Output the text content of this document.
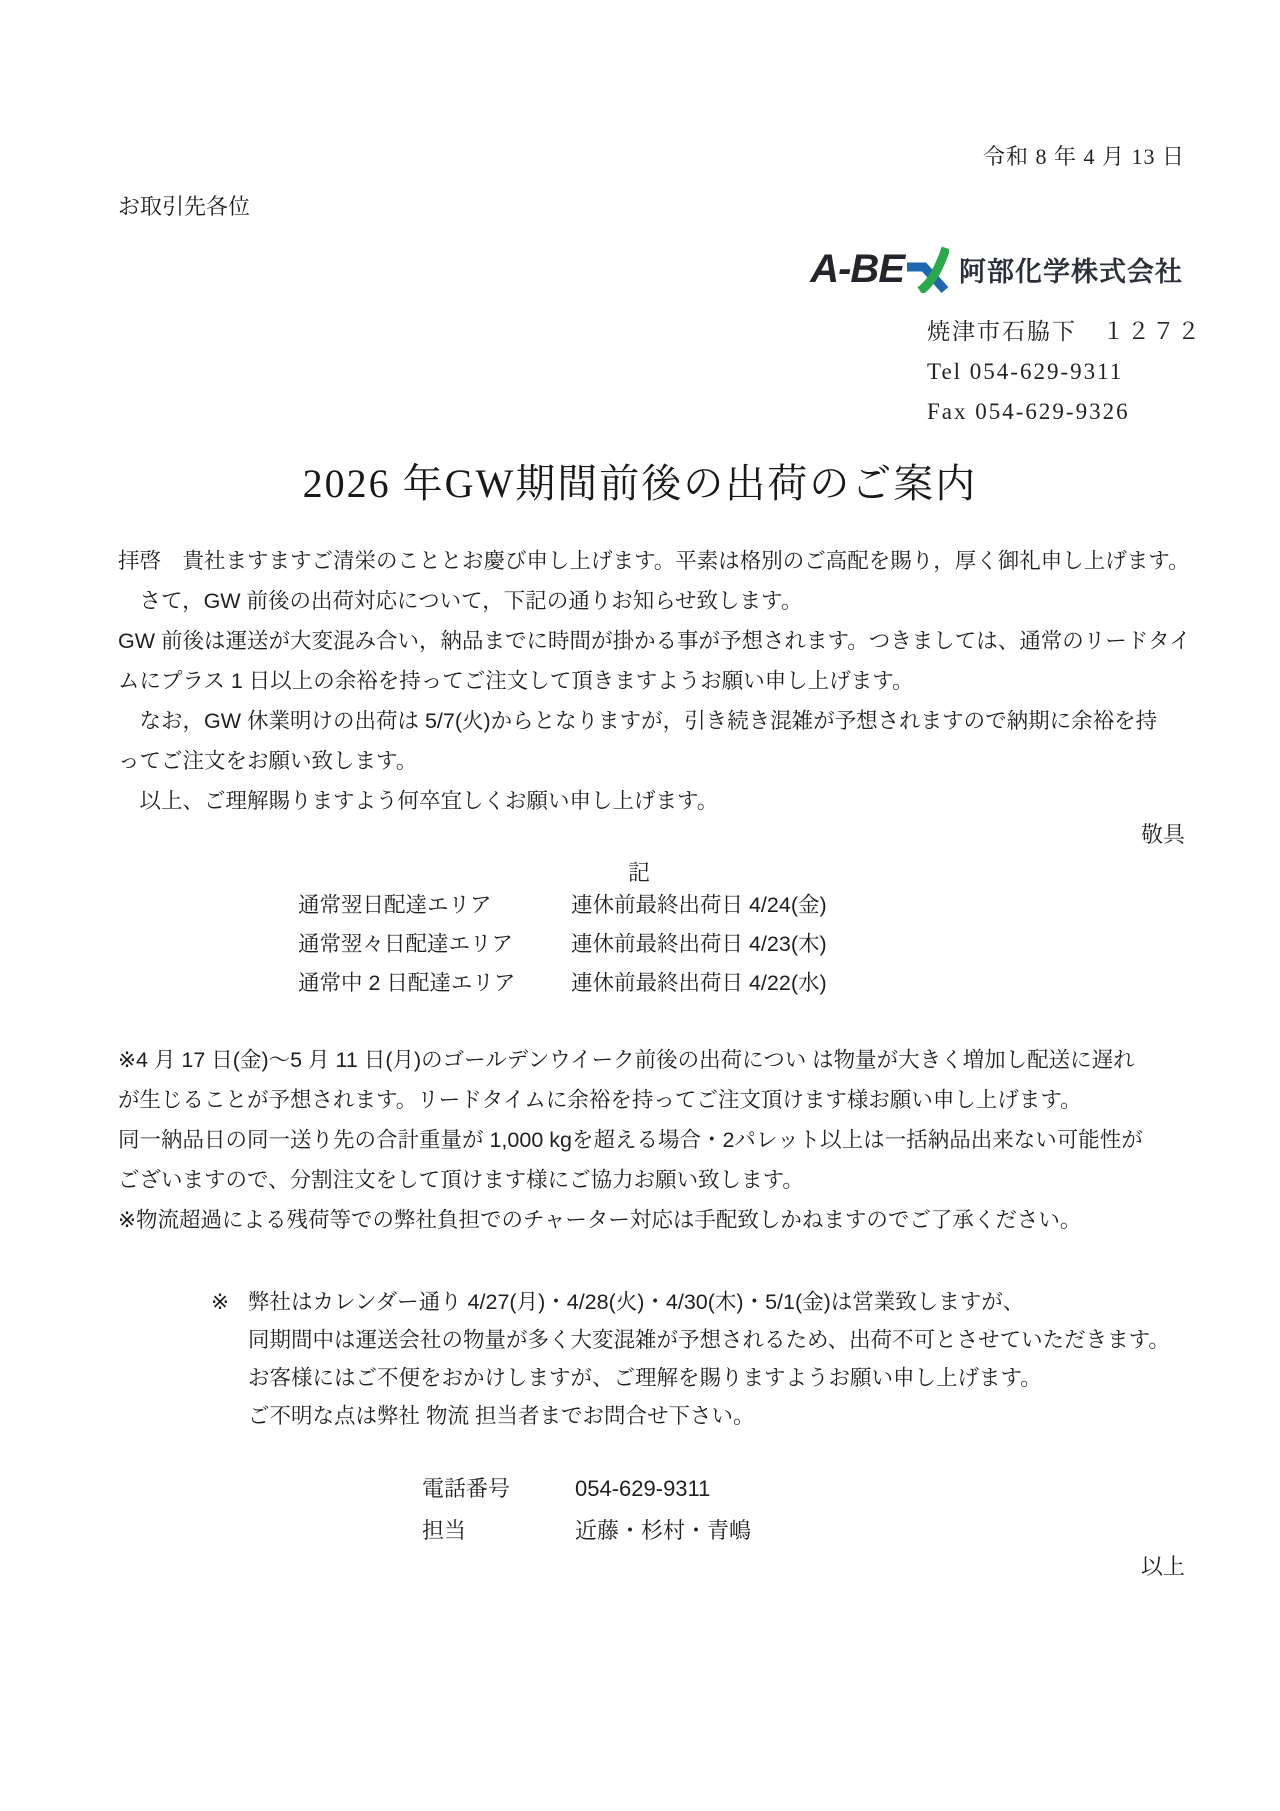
令和 8 年 4 月 13 日
お取引先各位
A-BE 阿部化学株式会社
焼津市石脇下　１２７２
Tel 054-629-9311
Fax 054-629-9326
2026 年GW期間前後の出荷のご案内
拝啓　貴社ますますご清栄のこととお慶び申し上げます。平素は格別のご高配を賜り，厚く御礼申し上げます。
　さて，GW 前後の出荷対応について，下記の通りお知らせ致します。
GW 前後は運送が大変混み合い，納品までに時間が掛かる事が予想されます。つきましては、通常のリードタイ
ムにプラス 1 日以上の余裕を持ってご注文して頂きますようお願い申し上げます。
　なお，GW 休業明けの出荷は 5/7(火)からとなりますが，引き続き混雑が予想されますので納期に余裕を持
ってご注文をお願い致します。
　以上、ご理解賜りますよう何卒宜しくお願い申し上げます。
敬具
記
通常翌日配達エリア	連休前最終出荷日 4/24(金)
通常翌々日配達エリア	連休前最終出荷日 4/23(木)
通常中 2 日配達エリア	連休前最終出荷日 4/22(水)
※4 月 17 日(金)～5 月 11 日(月)のゴールデンウイーク前後の出荷につい は物量が大きく増加し配送に遅れ
が生じることが予想されます。リードタイムに余裕を持ってご注文頂けます様お願い申し上げます。
同一納品日の同一送り先の合計重量が 1,000 kgを超える場合・2パレット以上は一括納品出来ない可能性が
ございますので、分割注文をして頂けます様にご協力お願い致します。
※物流超過による残荷等での弊社負担でのチャーター対応は手配致しかねますのでご了承ください。
※ 弊社はカレンダー通り 4/27(月)・4/28(火)・4/30(木)・5/1(金)は営業致しますが、
同期間中は運送会社の物量が多く大変混雑が予想されるため、出荷不可とさせていただきます。
お客様にはご不便をおかけしますが、ご理解を賜りますようお願い申し上げます。
ご不明な点は弊社 物流 担当者までお問合せ下さい。
電話番号	054-629-9311
担当	近藤・杉村・青嶋
以上
